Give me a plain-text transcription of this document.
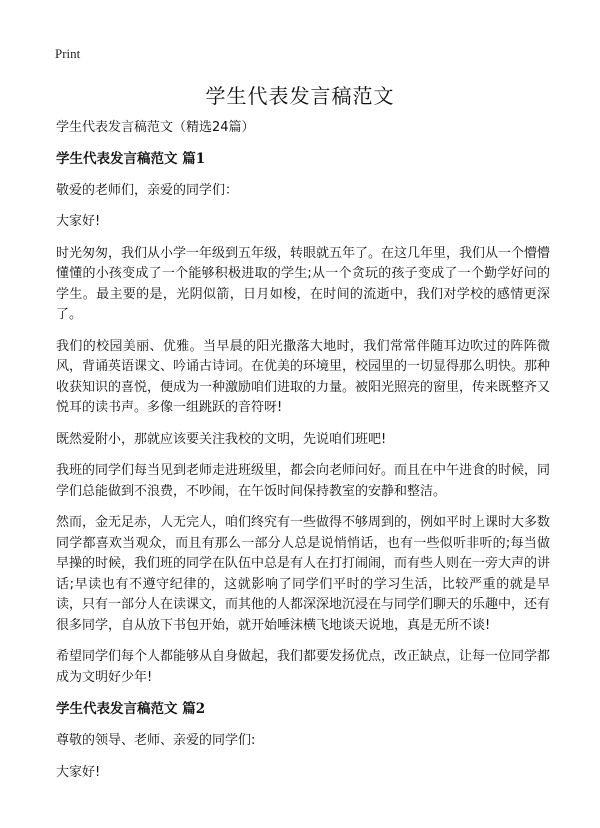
Print
学生代表发言稿范文

学生代表发言稿范文（精选24篇）

学生代表发言稿范文 篇1

敬爱的老师们，亲爱的同学们：

大家好!

时光匆匆，我们从小学一年级到五年级，转眼就五年了。在这几年里，我们从一个懵懵懂懂的小孩变成了一个能够积极进取的学生;从一个贪玩的孩子变成了一个勤学好问的学生。最主要的是，光阴似箭，日月如梭，在时间的流逝中，我们对学校的感情更深了。

我们的校园美丽、优雅。当早晨的阳光撒落大地时，我们常常伴随耳边吹过的阵阵微风，背诵英语课文、吟诵古诗词。在优美的环境里，校园里的一切显得那么明快。那种收获知识的喜悦，便成为一种激励咱们进取的力量。被阳光照亮的窗里，传来既整齐又悦耳的读书声。多像一组跳跃的音符呀!

既然爱附小，那就应该要关注我校的文明，先说咱们班吧!

我班的同学们每当见到老师走进班级里，都会向老师问好。而且在中午进食的时候，同学们总能做到不浪费，不吵闹，在午饭时间保持教室的安静和整洁。

然而，金无足赤，人无完人，咱们终究有一些做得不够周到的，例如平时上课时大多数同学都喜欢当观众，而且有那么一部分人总是说悄悄话，也有一些似听非听的;每当做早操的时候，我们班的同学在队伍中总是有人在打打闹闹，而有些人则在一旁大声的讲话;早读也有不遵守纪律的，这就影响了同学们平时的学习生活，比较严重的就是早读，只有一部分人在读课文，而其他的人都深深地沉浸在与同学们聊天的乐趣中，还有很多同学，自从放下书包开始，就开始唾沫横飞地谈天说地，真是无所不谈!

希望同学们每个人都能够从自身做起，我们都要发扬优点，改正缺点，让每一位同学都成为文明好少年!

学生代表发言稿范文 篇2

尊敬的领导、老师、亲爱的同学们:

大家好!
